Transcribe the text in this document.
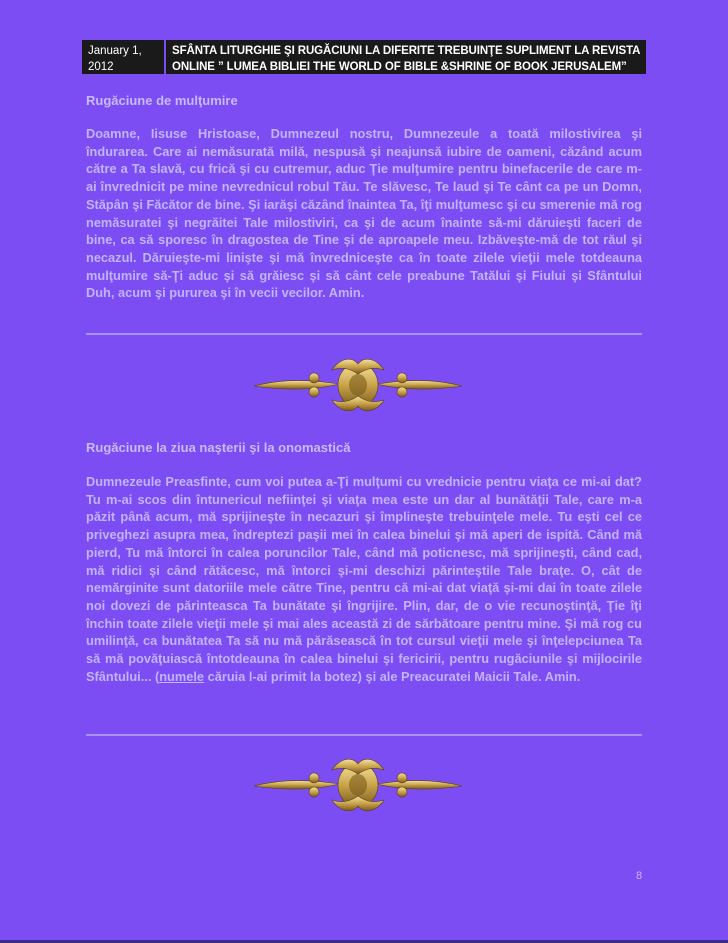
January 1, 2012
SFÂNTA LITURGHIE ŞI RUGĂCIUNI LA DIFERITE TREBUINŢE SUPLIMENT LA REVISTA
ONLINE ” LUMEA BIBLIEI THE WORLD OF BIBLE &SHRINE OF BOOK JERUSALEM”
Rugăciune de mulţumire

Doamne, Iisuse Hristoase, Dumnezeul nostru, Dumnezeule a toată milostivirea şi îndurarea. Care ai nemăsurată milă, nespusă şi neajunsă iubire de oameni, căzând acum către a Ta slavă, cu frică şi cu cutremur, aduc Ţie mulţumire pentru binefacerile de care m-ai învrednicit pe mine nevrednicul robul Tău. Te slăvesc, Te laud şi Te cânt ca pe un Domn, Stăpân şi Făcător de bine. Şi iarăşi căzând înaintea Ta, îţi mulţumesc şi cu smerenie mă rog nemăsuratei şi negrăitei Tale milostiviri, ca şi de acum înainte să-mi dăruieşti faceri de bine, ca să sporesc în dragostea de Tine şi de aproapele meu. Izbăveşte-mă de tot răul şi necazul. Dăruieşte-mi linişte şi mă învredniceşte ca în toate zilele vieţii mele totdeauna mulţumire să-Ţi aduc şi să grăiesc şi să cânt cele preabune Tatălui şi Fiului şi Sfântului Duh, acum şi pururea şi în vecii vecilor. Amin.

Rugăciune la ziua naşterii şi la onomastică

Dumnezeule Preasfinte, cum voi putea a-Ţi mulţumi cu vrednicie pentru viaţa ce mi-ai dat? Tu m-ai scos din întunericul nefiinţei şi viaţa mea este un dar al bunătăţii Tale, care m-a păzit până acum, mă sprijineşte în necazuri şi împlineşte trebuinţele mele. Tu eşti cel ce priveghezi asupra mea, îndreptezi paşii mei în calea binelui şi mă aperi de ispită. Când mă pierd, Tu mă întorci în calea poruncilor Tale, când mă poticnesc, mă sprijineşti, când cad, mă ridici şi când rătăcesc, mă întorci şi-mi deschizi părinteştile Tale braţe. O, cât de nemărginite sunt datoriile mele către Tine, pentru că mi-ai dat viaţă şi-mi dai în toate zilele noi dovezi de părinteasca Ta bunătate şi îngrijire. Plin, dar, de o vie recunoştinţă, Ţie îţi închin toate zilele vieţii mele şi mai ales această zi de sărbătoare pentru mine. Şi mă rog cu umilinţă, ca bunătatea Ta să nu mă părăsească în tot cursul vieţii mele şi înţelepciunea Ta să mă povăţuiască întotdeauna în calea binelui şi fericirii, pentru rugăciunile şi mijlocirile Sfântului... (numele căruia l-ai primit la botez) şi ale Preacuratei Maicii Tale. Amin.

8
